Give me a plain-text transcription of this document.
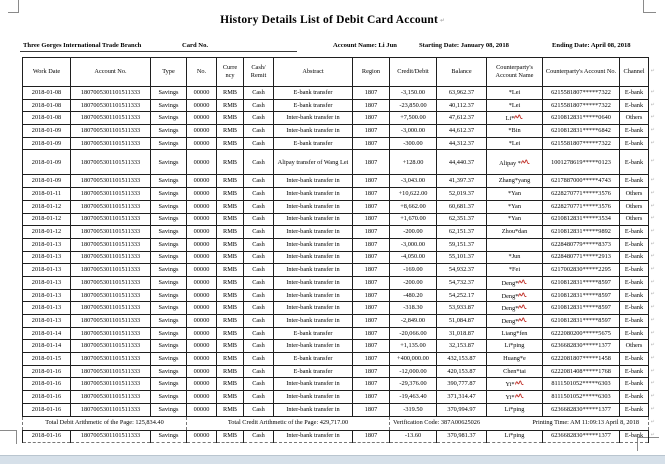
History Details List of Debit Card Account ↵
Three Gorges International Trade Branch	Card No.	Account Name: Li Jun	Starting Date: January 08, 2018	Ending Date: April 08, 2018
Work Date	Account No.	Type	No.	Curre ncy	Cash/ Remit	Abstract	Region	Credit/Debit	Balance	Counterparty's Account Name	Counterparty's Account No.	Channel ↵

2018-01-08	1807005301101511333	Savings	00000	RMB	Cash	E-bank transfer	1807	-3,150.00	63,962.37	*Lei	6215581807*****7322	E-bank ↵

2018-01-08	1807005301101511333	Savings	00000	RMB	Cash	E-bank transfer	1807	-23,850.00	40,112.37	*Lei	6215581807*****7322	E-bank ↵

2018-01-08	1807005301101511333	Savings	00000	RMB	Cash	Inter-bank transfer in	1807	+7,500.00	47,612.37	Li*	6210812831*****0640	Others ↵

2018-01-09	1807005301101511333	Savings	00000	RMB	Cash	Inter-bank transfer in	1807	-3,000.00	44,612.37	*Bin	6210812831*****6842	E-bank ↵

2018-01-09	1807005301101511333	Savings	00000	RMB	Cash	E-bank transfer	1807	-300.00	44,312.37	*Lei	6215581807*****7322	E-bank ↵

2018-01-09	1807005301101511333	Savings	00000	RMB	Cash	Alipay transfer of Wang Lei	1807	+128.00	44,440.37	Alipay *	1001278619*****0123	E-bank ↵

2018-01-09	1807005301101511333	Savings	00000	RMB	Cash	Inter-bank transfer in	1807	-3,043.00	41,397.37	Zhang*yang	6217887000*****4743	E-bank ↵

2018-01-11	1807005301101511333	Savings	00000	RMB	Cash	Inter-bank transfer in	1807	+10,622.00	52,019.37	*Yan	6228270771*****3576	Others ↵

2018-01-12	1807005301101511333	Savings	00000	RMB	Cash	Inter-bank transfer in	1807	+8,662.00	60,681.37	*Yan	6228270771*****3576	Others ↵

2018-01-12	1807005301101511333	Savings	00000	RMB	Cash	Inter-bank transfer in	1807	+1,670.00	62,351.37	*Yan	6210812831*****3534	Others ↵

2018-01-12	1807005301101511333	Savings	00000	RMB	Cash	Inter-bank transfer in	1807	-200.00	62,151.37	Zhou*dan	6210812831*****9892	E-bank ↵

2018-01-13	1807005301101511333	Savings	00000	RMB	Cash	Inter-bank transfer in	1807	-3,000.00	59,151.37		6228480779*****8373	E-bank ↵

2018-01-13	1807005301101511333	Savings	00000	RMB	Cash	Inter-bank transfer in	1807	-4,050.00	55,101.37	*Jun	6228480771*****2913	E-bank ↵

2018-01-13	1807005301101511333	Savings	00000	RMB	Cash	Inter-bank transfer in	1807	-169.00	54,932.37	*Fei	6217002830*****2295	E-bank ↵

2018-01-13	1807005301101511333	Savings	00000	RMB	Cash	Inter-bank transfer in	1807	-200.00	54,732.37	Deng*	6210812831*****8597	E-bank ↵

2018-01-13	1807005301101511333	Savings	00000	RMB	Cash	Inter-bank transfer in	1807	-480.20	54,252.17	Deng*	6210812831*****8597	E-bank ↵

2018-01-13	1807005301101511333	Savings	00000	RMB	Cash	Inter-bank transfer in	1807	-318.30	53,933.87	Deng*	6210812831*****8597	E-bank ↵

2018-01-13	1807005301101511333	Savings	00000	RMB	Cash	Inter-bank transfer in	1807	-2,849.00	51,084.87	Deng*	6210812831*****8597	E-bank ↵

2018-01-14	1807005301101511333	Savings	00000	RMB	Cash	E-bank transfer	1807	-20,066.00	31,018.87	Liang*fen	6222080200*****5675	E-bank ↵

2018-01-14	1807005301101511333	Savings	00000	RMB	Cash	Inter-bank transfer in	1807	+1,135.00	32,153.87	Li*ping	6236682830*****1377	Others ↵

2018-01-15	1807005301101511333	Savings	00000	RMB	Cash	E-bank transfer	1807	+400,000.00	432,153.87	Huang*e	6222081807*****1458	E-bank ↵

2018-01-16	1807005301101511333	Savings	00000	RMB	Cash	E-bank transfer	1807	-12,000.00	420,153.87	Chen*tai	6222081408*****1768	E-bank ↵

2018-01-16	1807005301101511333	Savings	00000	RMB	Cash	Inter-bank transfer in	1807	-29,376.00	390,777.87	Yi*	8111501052*****6303	E-bank ↵

2018-01-16	1807005301101511333	Savings	00000	RMB	Cash	Inter-bank transfer in	1807	-19,463.40	371,314.47	Yi*	8111501052*****6303	E-bank ↵

2018-01-16	1807005301101511333	Savings	00000	RMB	Cash	Inter-bank transfer in	1807	-319.50	370,994.97	Li*ping	6236682830*****1377	E-bank ↵

Total Debit Arithmetic of the Page: 125,834.40			Total Credit Arithmetic of the Page: 429,717.00					Verification Code: 387A00625026 Printing Time: AM 11:09:13 April 8, 2018 ↵				

2018-01-16	1807005301101511333	Savings	00000	RMB	Cash	Inter-bank transfer in	1807	-13.60	370,981.37	Li*ping	6236682830*****1377	E-bank ↵
